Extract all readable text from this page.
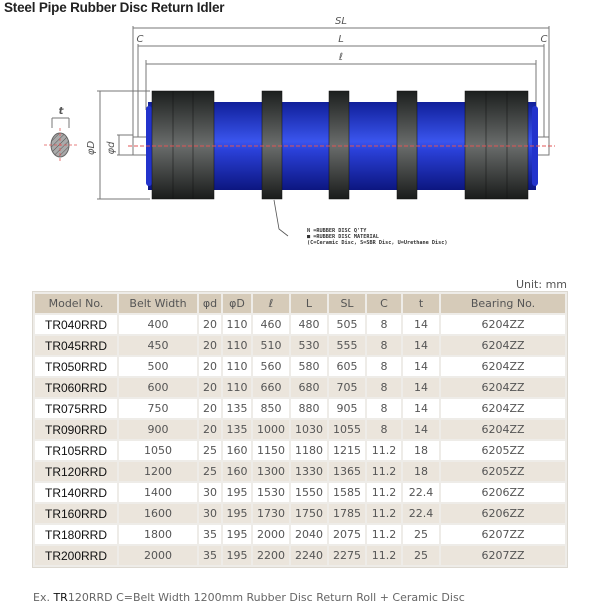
Steel Pipe Rubber Disc Return Idler
SL
L
ℓ
C	C
t
φD φd
N =RUBBER DISC Q'TY
■ =RUBBER DISC MATERIAL
(C=Ceramic Disc, S=SBR Disc, U=Urethane Disc)
Unit: mm
Model No.	Belt Width	φd	φD	ℓ	L	SL	C	t	Bearing No.
TR040RRD	400	20	110	460	480	505	8	14	6204ZZ
TR045RRD	450	20	110	510	530	555	8	14	6204ZZ
TR050RRD	500	20	110	560	580	605	8	14	6204ZZ
TR060RRD	600	20	110	660	680	705	8	14	6204ZZ
TR075RRD	750	20	135	850	880	905	8	14	6204ZZ
TR090RRD	900	20	135	1000	1030	1055	8	14	6204ZZ
TR105RRD	1050	25	160	1150	1180	1215	11.2	18	6205ZZ
TR120RRD	1200	25	160	1300	1330	1365	11.2	18	6205ZZ
TR140RRD	1400	30	195	1530	1550	1585	11.2	22.4	6206ZZ
TR160RRD	1600	30	195	1730	1750	1785	11.2	22.4	6206ZZ
TR180RRD	1800	35	195	2000	2040	2075	11.2	25	6207ZZ
TR200RRD	2000	35	195	2200	2240	2275	11.2	25	6207ZZ
Ex. TR120RRD C=Belt Width 1200mm Rubber Disc Return Roll + Ceramic Disc
